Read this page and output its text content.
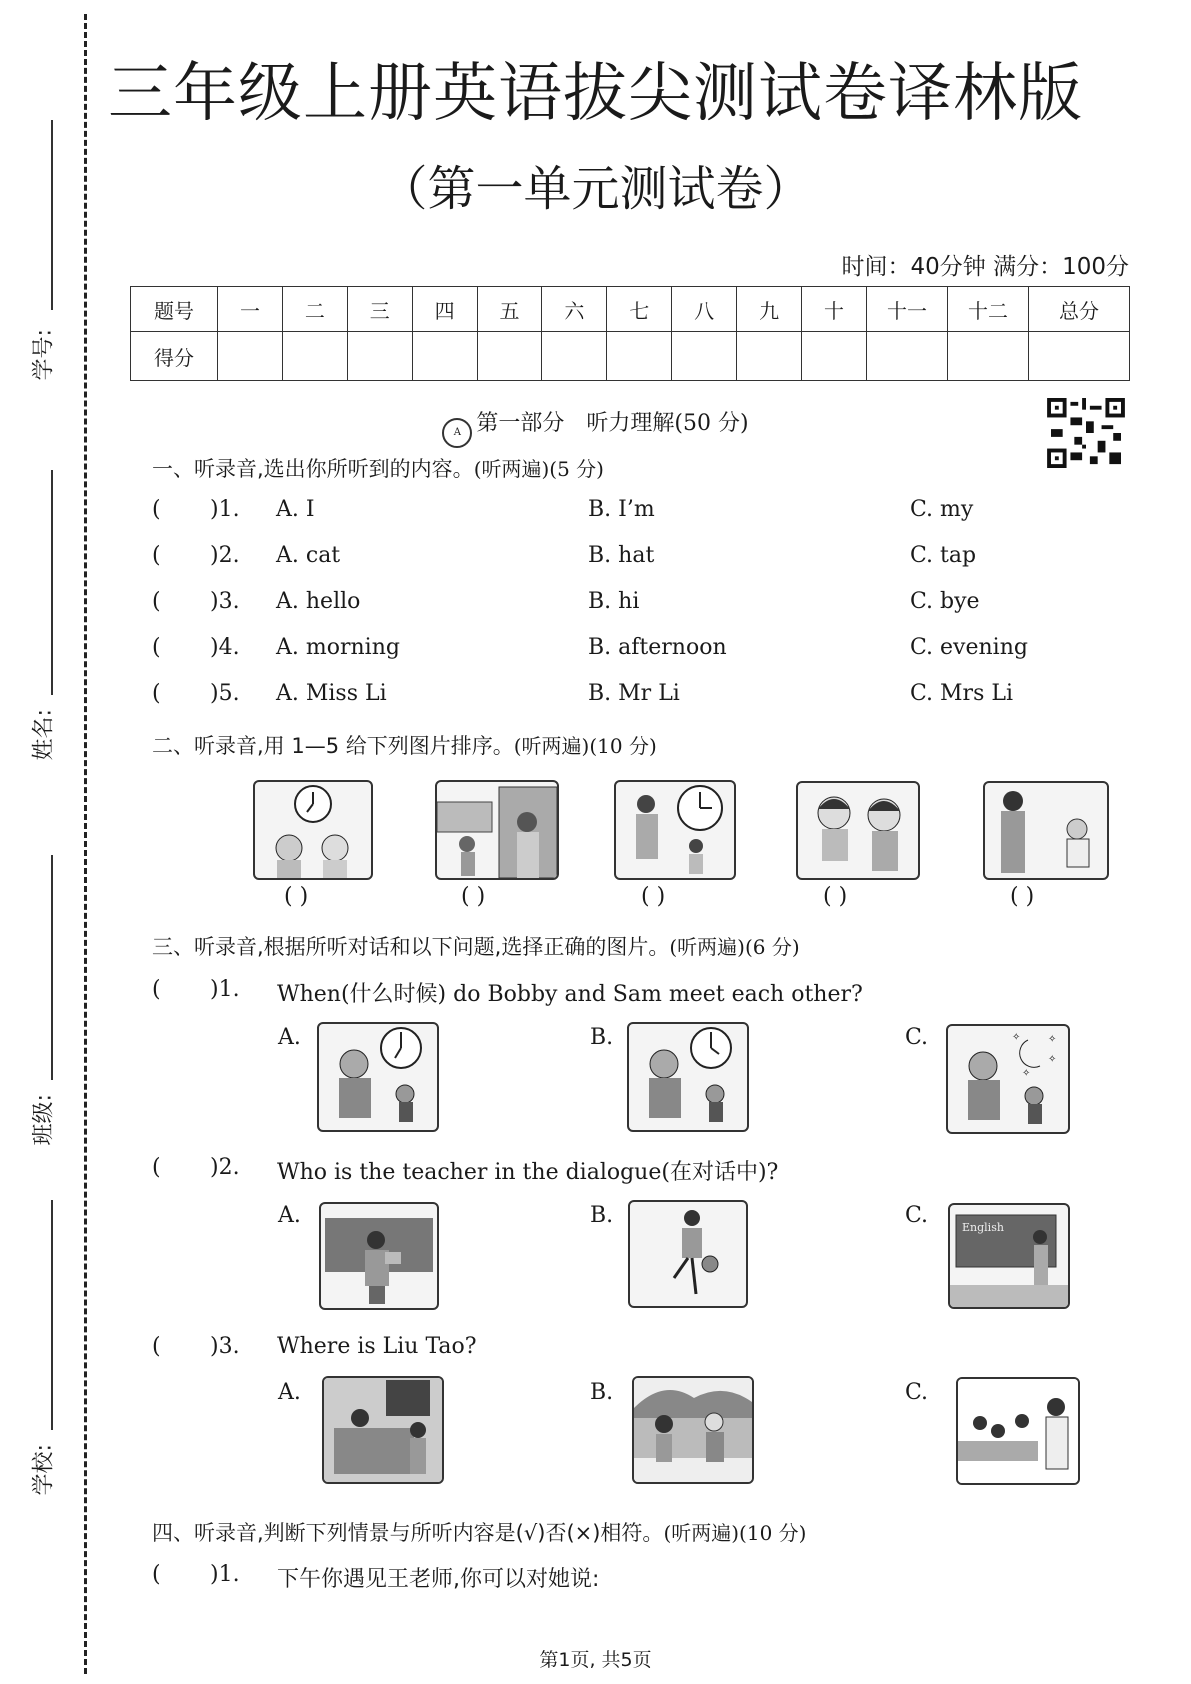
学号:
姓名:
班级:
学校:
三年级上册英语拔尖测试卷译林版
（第一单元测试卷）
时间：40分钟 满分：100分
题号	一	二	三	四	五	六	七	八	九	十	十一	十二	总分
得分													
A 第一部分　听力理解(50 分)
一、听录音,选出你所听到的内容。(听两遍)(5 分)
( )1. A. I	B. I’m	C. my
( )2. A. cat	B. hat	C. tap
( )3. A. hello	B. hi	C. bye
( )4. A. morning	B. afternoon	C. evening
( )5. A. Miss Li	B. Mr Li	C. Mrs Li
二、听录音,用 1—5 给下列图片排序。(听两遍)(10 分)
( )	( )	( )	( )	( )
三、听录音,根据所听对话和以下问题,选择正确的图片。(听两遍)(6 分)
( )1. When(什么时候) do Bobby and Sam meet each other?
A.	B.	C.	✧	✧
✧
✧
( )2. Who is the teacher in the dialogue(在对话中)?
A.	B.	C.	English
( )3. Where is Liu Tao?
A.	B.	C.
四、听录音,判断下列情景与所听内容是(√)否(×)相符。(听两遍)(10 分)
( )1. 下午你遇见王老师,你可以对她说:
第1页, 共5页
